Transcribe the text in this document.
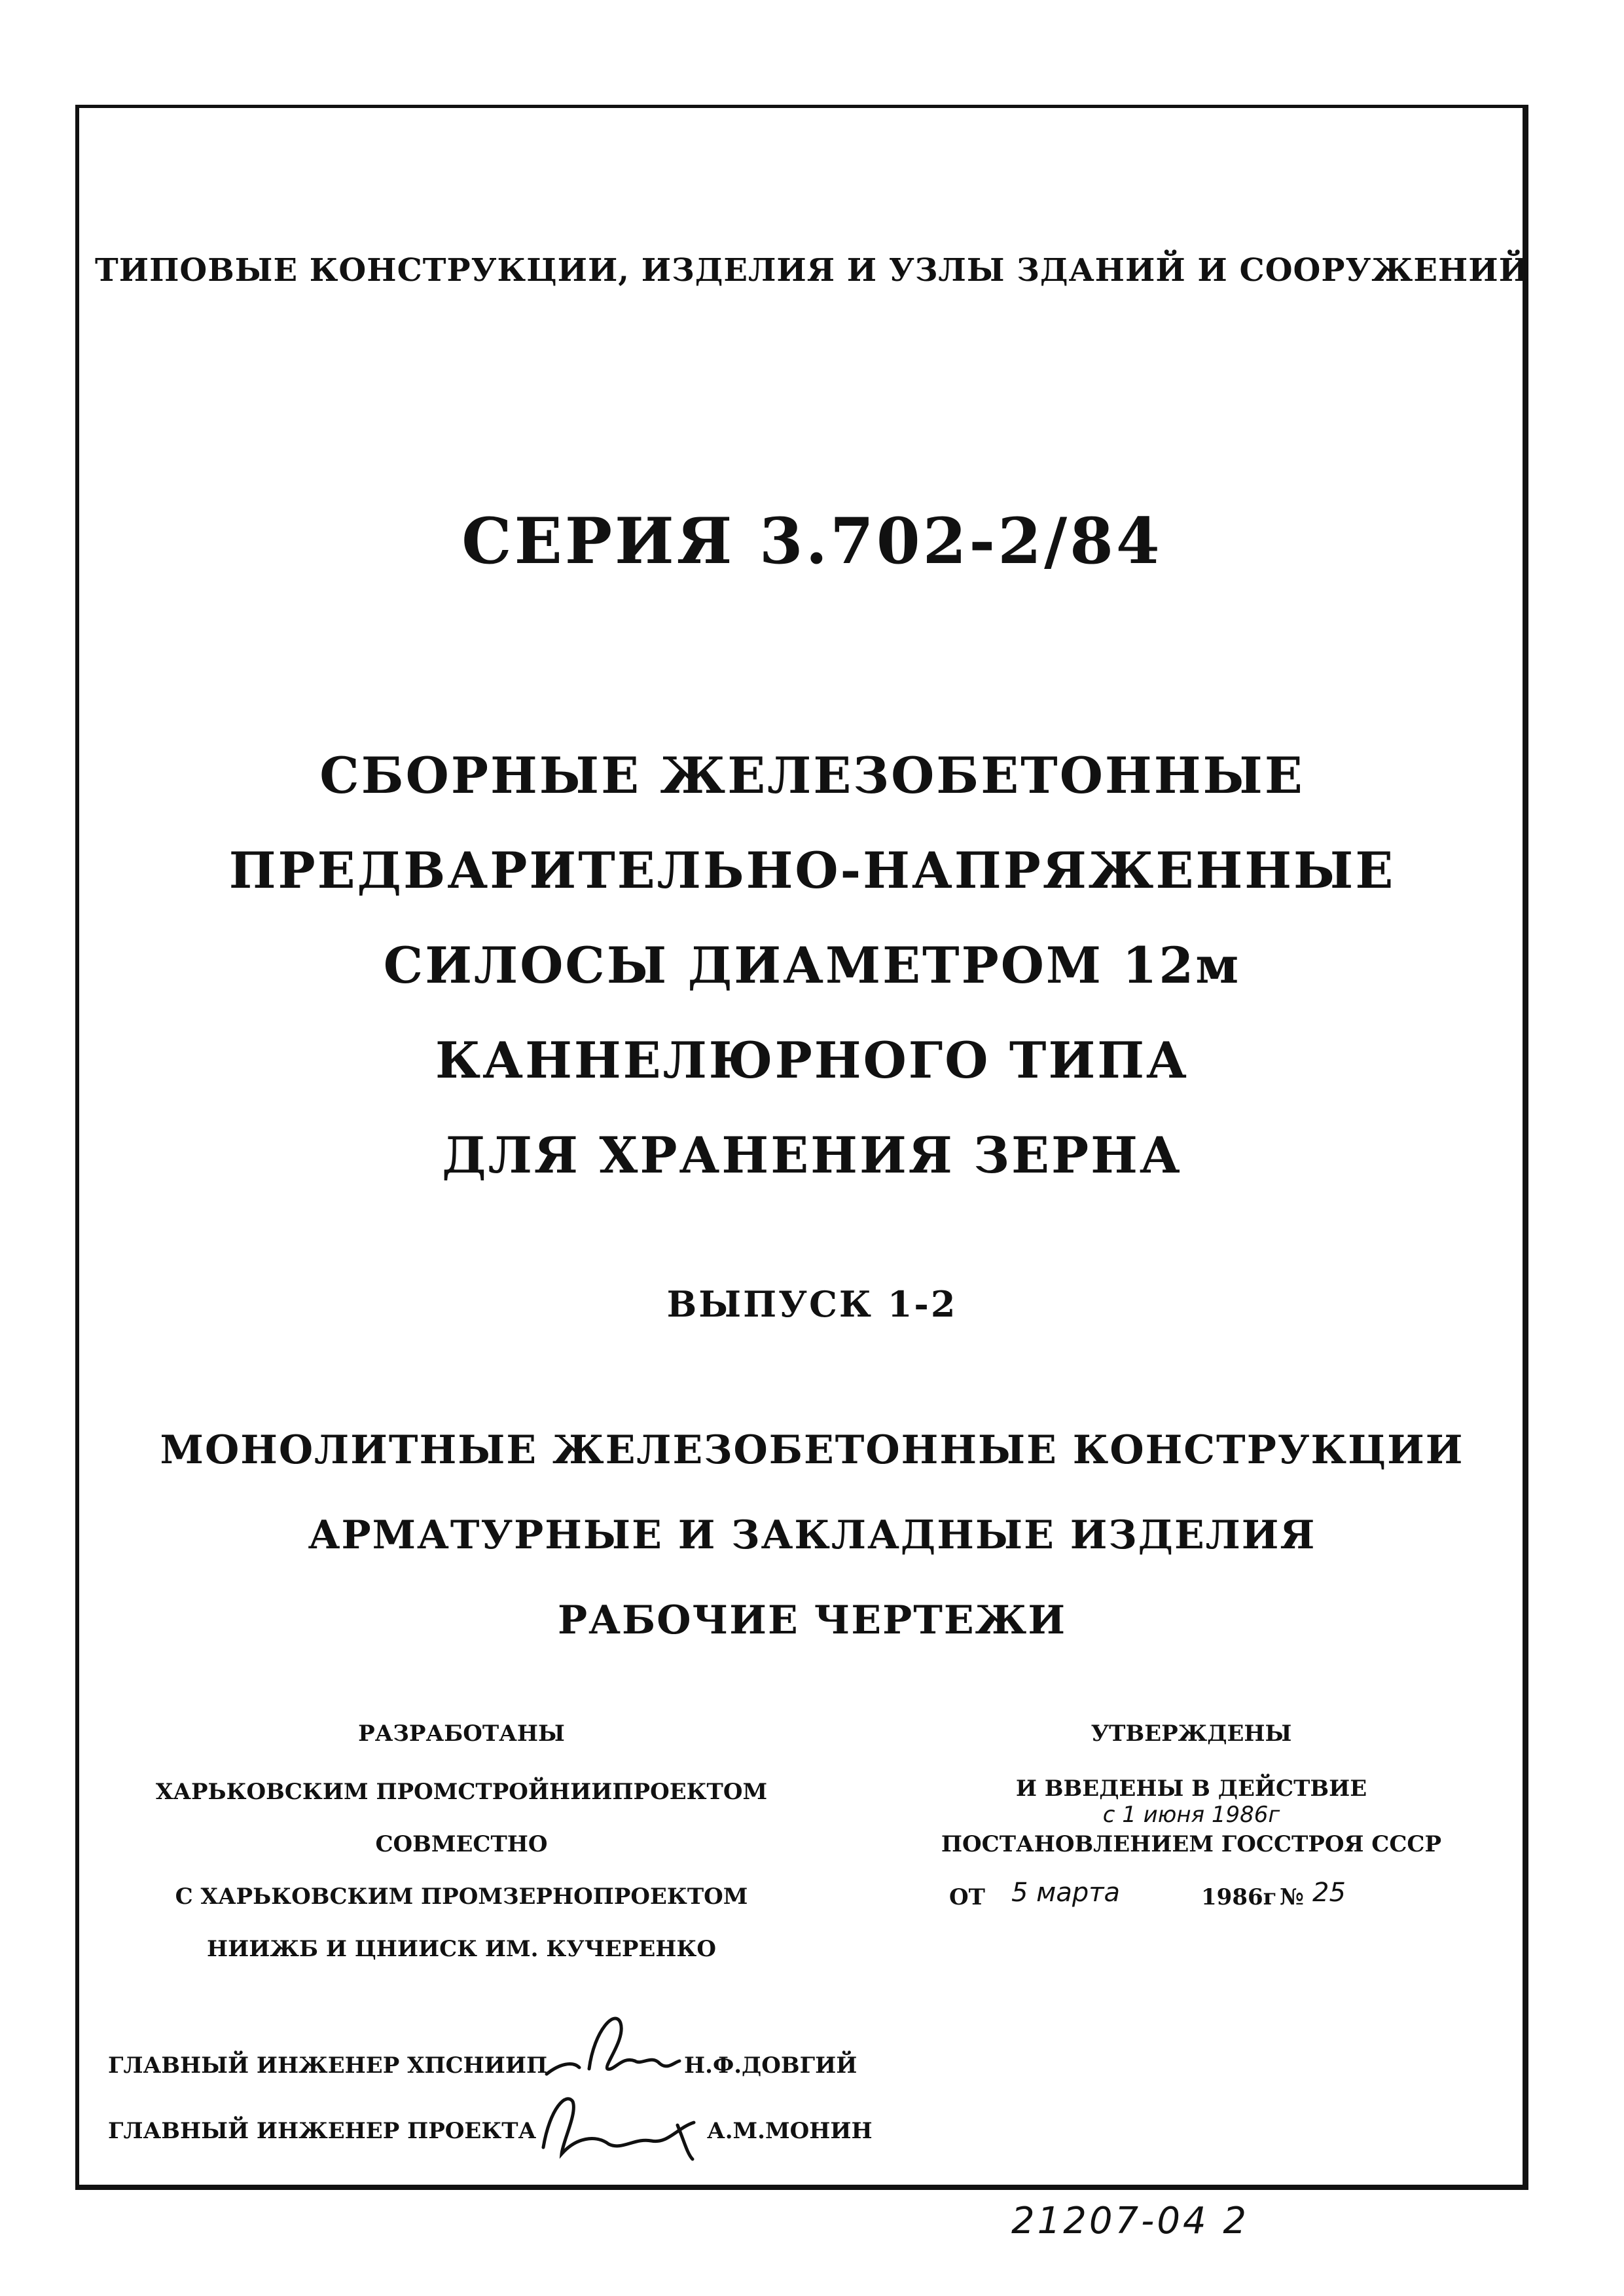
ТИПОВЫЕ КОНСТРУКЦИИ, ИЗДЕЛИЯ И УЗЛЫ ЗДАНИЙ И СООРУЖЕНИЙ
СЕРИЯ 3.702-2/84
СБОРНЫЕ ЖЕЛЕЗОБЕТОННЫЕ
ПРЕДВАРИТЕЛЬНО-НАПРЯЖЕННЫЕ
СИЛОСЫ ДИАМЕТРОМ 12м
КАННЕЛЮРНОГО ТИПА
ДЛЯ ХРАНЕНИЯ ЗЕРНА
ВЫПУСК 1-2
МОНОЛИТНЫЕ ЖЕЛЕЗОБЕТОННЫЕ КОНСТРУКЦИИ
АРМАТУРНЫЕ И ЗАКЛАДНЫЕ ИЗДЕЛИЯ
РАБОЧИЕ ЧЕРТЕЖИ
РАЗРАБОТАНЫ
ХАРЬКОВСКИМ ПРОМСТРОЙНИИПРОЕКТОМ
СОВМЕСТНО
С ХАРЬКОВСКИМ ПРОМЗЕРНОПРОЕКТОМ
НИИЖБ И ЦНИИСК ИМ. КУЧЕРЕНКО
УТВЕРЖДЕНЫ
И ВВЕДЕНЫ В ДЕЙСТВИЕ
с 1 июня 1986г
ПОСТАНОВЛЕНИЕМ ГОССТРОЯ СССР
ОТ 5 марта	1986г № 25
ГЛАВНЫЙ ИНЖЕНЕР ХПСНИИП	Н.Ф.ДОВГИЙ
ГЛАВНЫЙ ИНЖЕНЕР ПРОЕКТА	А.М.МОНИН
21207-04 2
